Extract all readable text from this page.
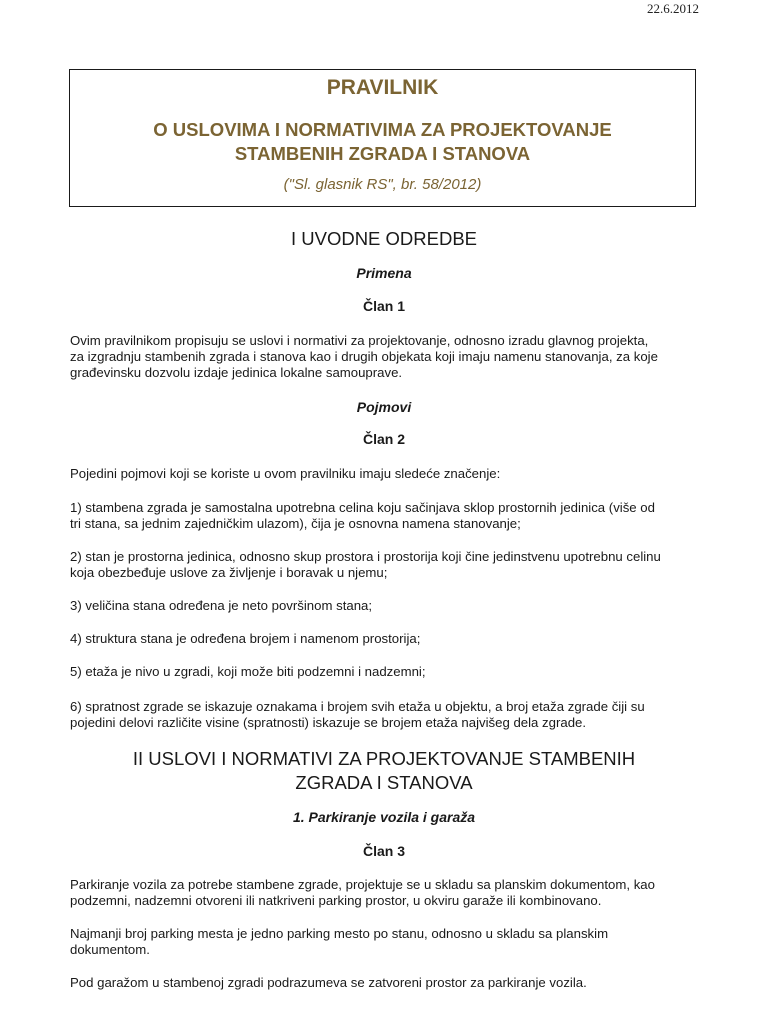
22.6.2012
PRAVILNIK
O USLOVIMA I NORMATIVIMA ZA PROJEKTOVANJE
STAMBENIH ZGRADA I STANOVA
("Sl. glasnik RS", br. 58/2012)
I UVODNE ODREDBE
Primena
Član 1
Ovim pravilnikom propisuju se uslovi i normativi za projektovanje, odnosno izradu glavnog projekta,
za izgradnju stambenih zgrada i stanova kao i drugih objekata koji imaju namenu stanovanja, za koje
građevinsku dozvolu izdaje jedinica lokalne samouprave.
Pojmovi
Član 2
Pojedini pojmovi koji se koriste u ovom pravilniku imaju sledeće značenje:
1) stambena zgrada je samostalna upotrebna celina koju sačinjava sklop prostornih jedinica (više od
tri stana, sa jednim zajedničkim ulazom), čija je osnovna namena stanovanje;
2) stan je prostorna jedinica, odnosno skup prostora i prostorija koji čine jedinstvenu upotrebnu celinu
koja obezbeđuje uslove za življenje i boravak u njemu;
3) veličina stana određena je neto površinom stana;
4) struktura stana je određena brojem i namenom prostorija;
5) etaža je nivo u zgradi, koji može biti podzemni i nadzemni;
6) spratnost zgrade se iskazuje oznakama i brojem svih etaža u objektu, a broj etaža zgrade čiji su
pojedini delovi različite visine (spratnosti) iskazuje se brojem etaža najvišeg dela zgrade.
II USLOVI I NORMATIVI ZA PROJEKTOVANJE STAMBENIH
ZGRADA I STANOVA
1. Parkiranje vozila i garaža
Član 3
Parkiranje vozila za potrebe stambene zgrade, projektuje se u skladu sa planskim dokumentom, kao
podzemni, nadzemni otvoreni ili natkriveni parking prostor, u okviru garaže ili kombinovano.
Najmanji broj parking mesta je jedno parking mesto po stanu, odnosno u skladu sa planskim
dokumentom.
Pod garažom u stambenoj zgradi podrazumeva se zatvoreni prostor za parkiranje vozila.
